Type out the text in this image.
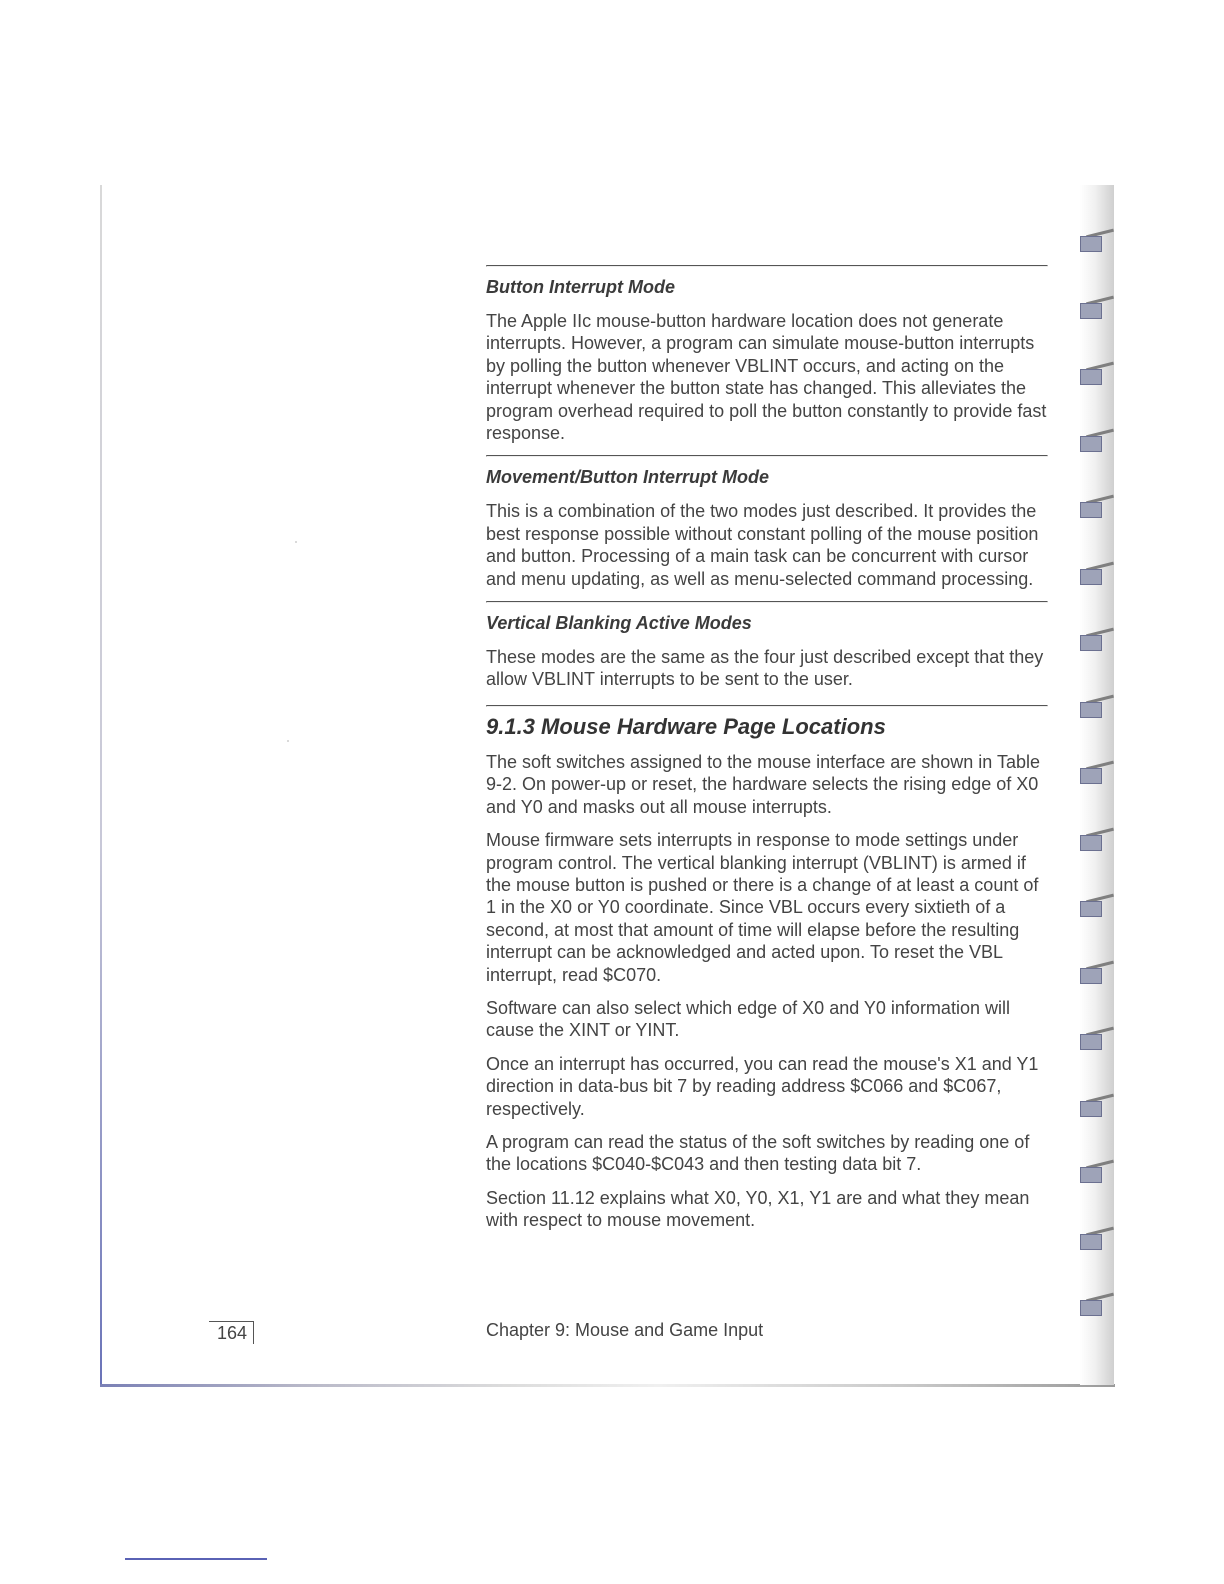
Button Interrupt Mode

The Apple IIc mouse-button hardware location does not generate interrupts. However, a program can simulate mouse-button interrupts by polling the button whenever VBLINT occurs, and acting on the interrupt whenever the button state has changed. This alleviates the program overhead required to poll the button constantly to provide fast response.

Movement/Button Interrupt Mode

This is a combination of the two modes just described. It provides the best response possible without constant polling of the mouse position and button. Processing of a main task can be concurrent with cursor and menu updating, as well as menu-selected command processing.

Vertical Blanking Active Modes

These modes are the same as the four just described except that they allow VBLINT interrupts to be sent to the user.

9.1.3 Mouse Hardware Page Locations

The soft switches assigned to the mouse interface are shown in Table 9-2. On power-up or reset, the hardware selects the rising edge of X0 and Y0 and masks out all mouse interrupts.

Mouse firmware sets interrupts in response to mode settings under program control. The vertical blanking interrupt (VBLINT) is armed if the mouse button is pushed or there is a change of at least a count of 1 in the X0 or Y0 coordinate. Since VBL occurs every sixtieth of a second, at most that amount of time will elapse before the resulting interrupt can be acknowledged and acted upon. To reset the VBL interrupt, read $C070.

Software can also select which edge of X0 and Y0 information will cause the XINT or YINT.

Once an interrupt has occurred, you can read the mouse's X1 and Y1 direction in data-bus bit 7 by reading address $C066 and $C067, respectively.

A program can read the status of the soft switches by reading one of the locations $C040-$C043 and then testing data bit 7.

Section 11.12 explains what X0, Y0, X1, Y1 are and what they mean with respect to mouse movement.

164	Chapter 9: Mouse and Game Input
